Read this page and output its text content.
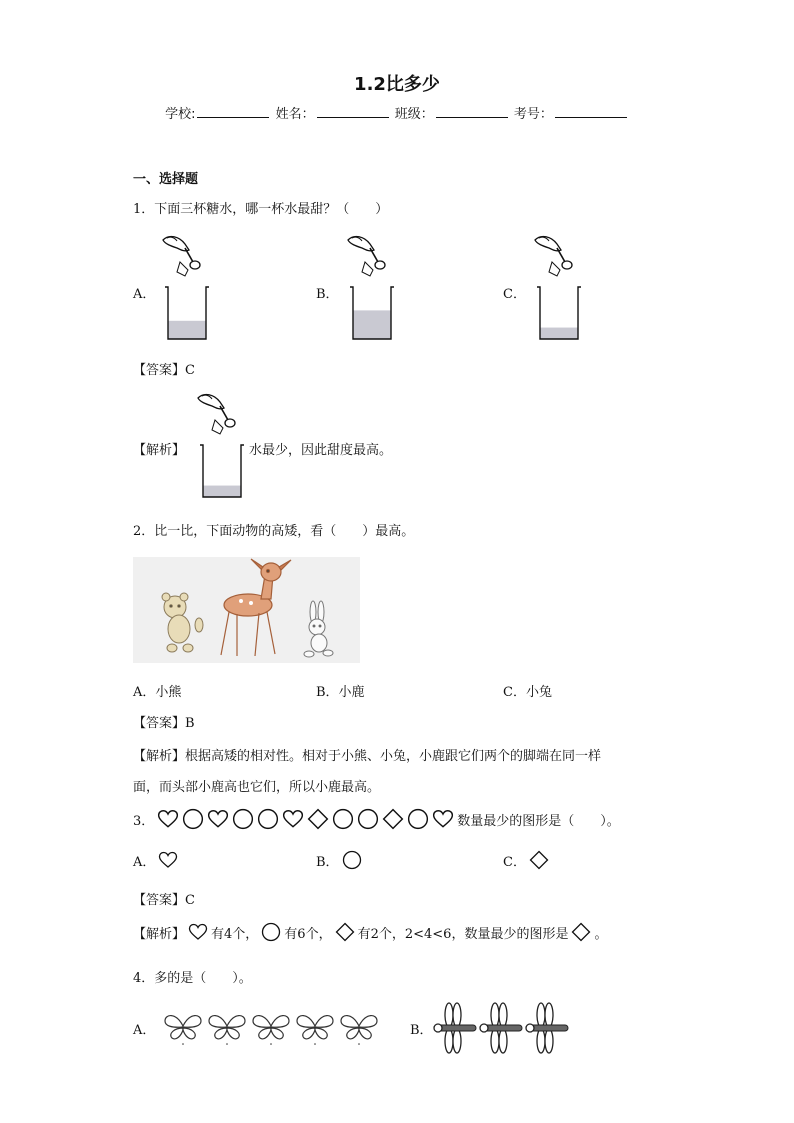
1.2比多少
学校:	姓名：	班级：	考号：
一、选择题
1．下面三杯糖水，哪一杯水最甜？（　　）
A．	B．	C．
【答案】C
【解析】	水最少，因此甜度最高。
2．比一比，下面动物的高矮，看（　　）最高。
A．小熊	B．小鹿	C．小兔
【答案】B
【解析】根据高矮的相对性。相对于小熊、小兔，小鹿跟它们两个的脚端在同一样
面，而头部小鹿高也它们，所以小鹿最高。
3．	数量最少的图形是（　　）。
A．	B．	C．
【答案】C
【解析】 有4个， 有6个， 有2个，2<4<6，数量最少的图形是 。
4．多的是（　　）。
A．	B．
